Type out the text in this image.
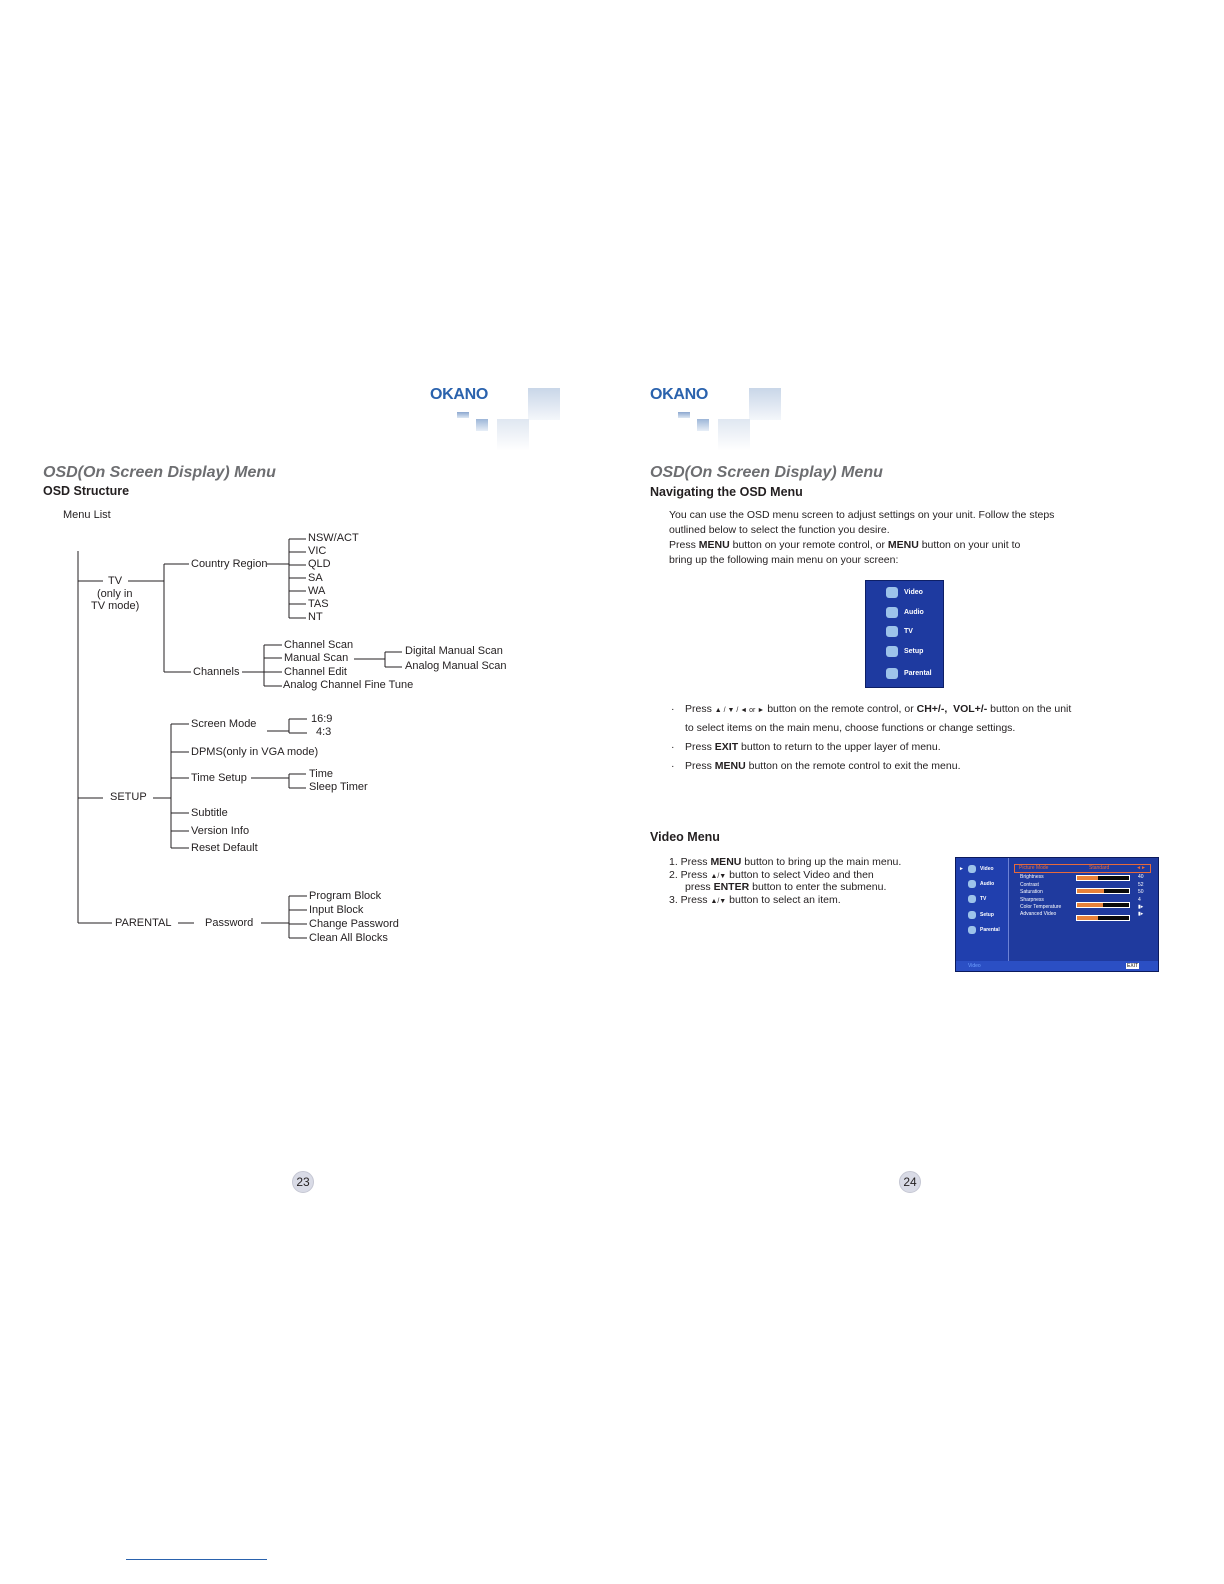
OKANO
OSD(On Screen Display) Menu
OSD Structure
Menu List
TV
(only in
TV mode)
Country Region
NSW/ACT
VIC
QLD
SA
WA
TAS
NT
Channels
Channel Scan
Manual Scan
Channel Edit
Analog Channel Fine Tune
Digital Manual Scan
Analog Manual Scan
SETUP
Screen Mode	16:9
4:3
DPMS(only in VGA mode)
Time Setup	Time
Sleep Timer
Subtitle
Version Info
Reset Default
PARENTAL	Password
Program Block
Input Block
Change Password
Clean All Blocks
23
OKANO
OSD(On Screen Display) Menu
Navigating the OSD Menu
You can use the OSD menu screen to adjust settings on your unit. Follow the steps
outlined below to select the function you desire.
Press MENU button on your remote control, or MENU button on your unit to
bring up the following main menu on your screen:
Video
Audio
TV
Setup
Parental
· Press ▲ / ▼ / ◄ or ► button on the remote control, or CH+/-, VOL+/- button on the unit
to select items on the main menu, choose functions or change settings.
· Press EXIT button to return to the upper layer of menu.
· Press MENU button on the remote control to exit the menu.
Video Menu
1. Press MENU button to bring up the main menu.
2. Press ▲/▼ button to select Video and then
press ENTER button to enter the submenu.
3. Press ▲/▼ button to select an item.
►	Video
Audio
TV
Setup
Parental
Picture Mode	Standard	◄►
Color Temperature	▮▸
Advanced Video	▮▸
Video	EXIT
Brightness	40
Contrast	52
Saturation	50
Sharpness	4
24
